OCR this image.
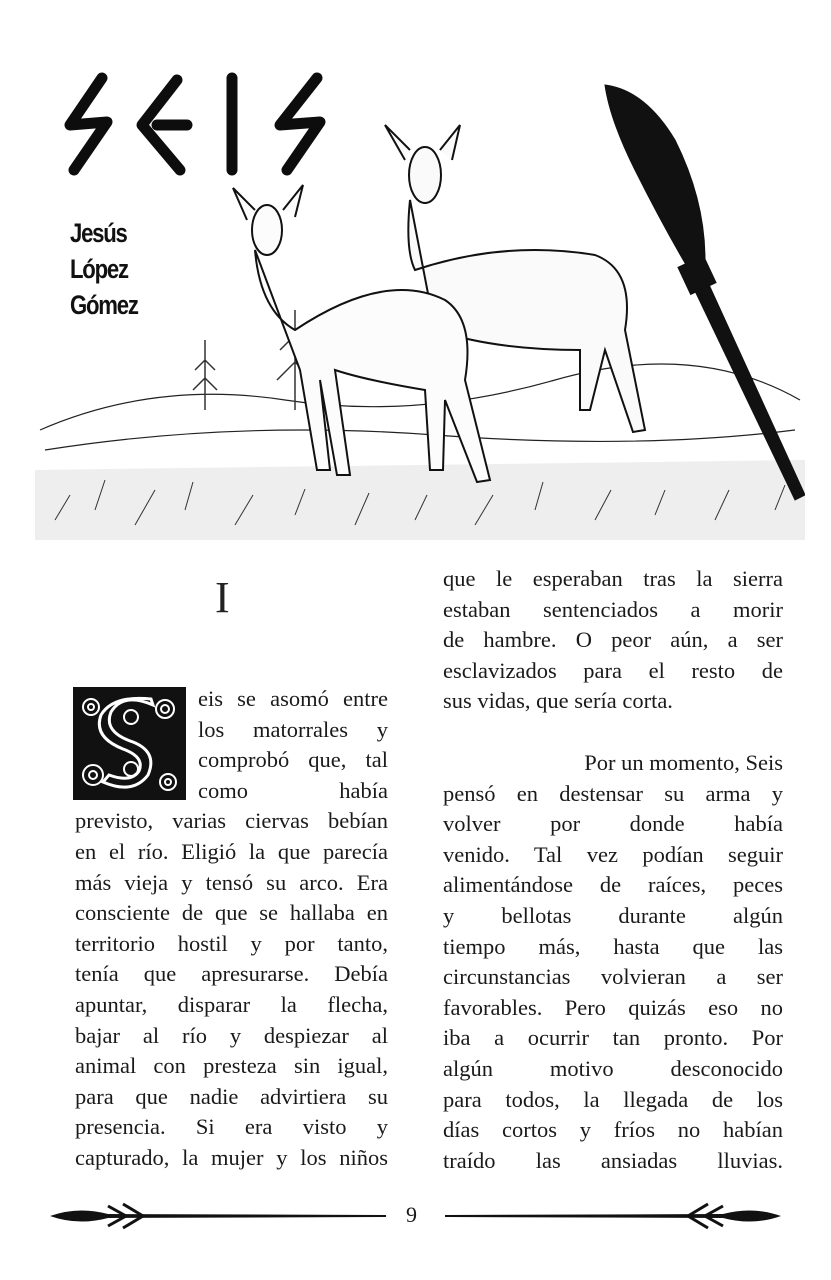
Jesús
López
Gómez
I
eis se asomó entre
los matorrales y
comprobó que, tal
como había
previsto, varias ciervas bebían
en el río. Eligió la que parecía
más vieja y tensó su arco. Era
consciente de que se hallaba en
territorio hostil y por tanto,
tenía que apresurarse. Debía
apuntar, disparar la flecha,
bajar al río y despiezar al
animal con presteza sin igual,
para que nadie advirtiera su
presencia. Si era visto y
capturado, la mujer y los niños
que le esperaban tras la sierra
estaban sentenciados a morir
de hambre. O peor aún, a ser
esclavizados para el resto de
sus vidas, que sería corta.
Por un momento, Seis
pensó en destensar su arma y
volver por donde había
venido. Tal vez podían seguir
alimentándose de raíces, peces
y bellotas durante algún
tiempo más, hasta que las
circunstancias volvieran a ser
favorables. Pero quizás eso no
iba a ocurrir tan pronto. Por
algún motivo desconocido
para todos, la llegada de los
días cortos y fríos no habían
traído las ansiadas lluvias.
9
